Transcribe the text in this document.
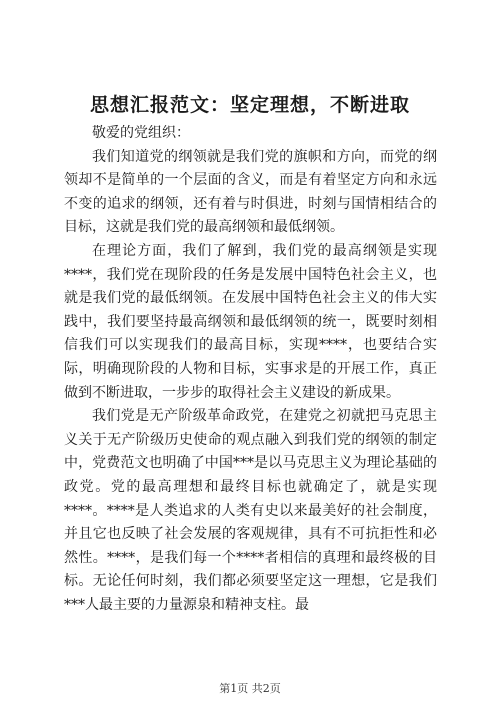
思想汇报范文：坚定理想，不断进取

敬爱的党组织：

我们知道党的纲领就是我们党的旗帜和方向，而党的纲领却不是简单的一个层面的含义，而是有着坚定方向和永远不变的追求的纲领，还有着与时俱进，时刻与国情相结合的目标，这就是我们党的最高纲领和最低纲领。

在理论方面，我们了解到，我们党的最高纲领是实现****，我们党在现阶段的任务是发展中国特色社会主义，也就是我们党的最低纲领。在发展中国特色社会主义的伟大实践中，我们要坚持最高纲领和最低纲领的统一，既要时刻相信我们可以实现我们的最高目标，实现****，也要结合实际，明确现阶段的人物和目标，实事求是的开展工作，真正做到不断进取，一步步的取得社会主义建设的新成果。

我们党是无产阶级革命政党，在建党之初就把马克思主义关于无产阶级历史使命的观点融入到我们党的纲领的制定中，党费范文也明确了中国***是以马克思主义为理论基础的政党。党的最高理想和最终目标也就确定了，就是实现****。****是人类追求的人类有史以来最美好的社会制度，并且它也反映了社会发展的客观规律，具有不可抗拒性和必然性。****，是我们每一个****者相信的真理和最终极的目标。无论任何时刻，我们都必须要坚定这一理想，它是我们***人最主要的力量源泉和精神支柱。最

第1页 共2页
